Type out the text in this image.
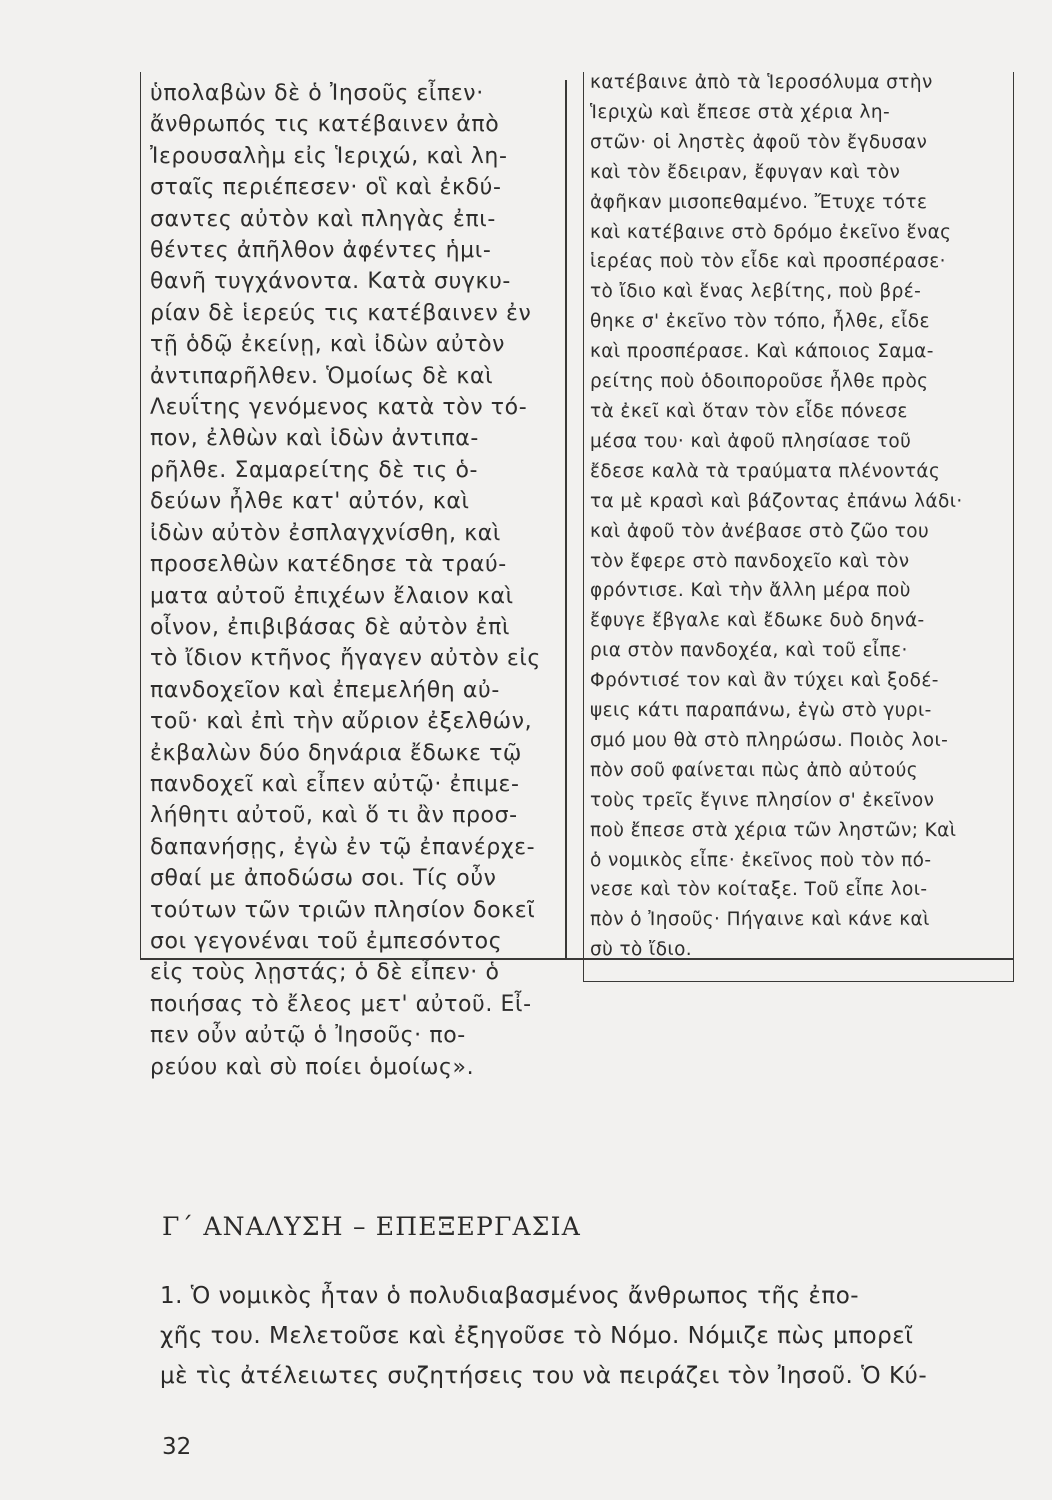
ὑπολαβὼν δὲ ὁ Ἰησοῦς εἶπεν·
ἄνθρωπός τις κατέβαινεν ἀπὸ
Ἰερουσαλὴμ εἰς Ἱεριχώ, καὶ λη-
σταῖς περιέπεσεν· οἳ καὶ ἐκδύ-
σαντες αὐτὸν καὶ πληγὰς ἐπι-
θέντες ἀπῆλθον ἀφέντες ἡμι-
θανῆ τυγχάνοντα. Κατὰ συγκυ-
ρίαν δὲ ἱερεύς τις κατέβαινεν ἐν
τῇ ὁδῷ ἐκείνῃ, καὶ ἰδὼν αὐτὸν
ἀντιπαρῆλθεν. Ὁμοίως δὲ καὶ
Λευΐτης γενόμενος κατὰ τὸν τό-
πον, ἐλθὼν καὶ ἰδὼν ἀντιπα-
ρῆλθε. Σαμαρείτης δὲ τις ὁ-
δεύων ἦλθε κατ' αὐτόν, καὶ
ἰδὼν αὐτὸν ἐσπλαγχνίσθη, καὶ
προσελθὼν κατέδησε τὰ τραύ-
ματα αὐτοῦ ἐπιχέων ἔλαιον καὶ
οἶνον, ἐπιβιβάσας δὲ αὐτὸν ἐπὶ
τὸ ἴδιον κτῆνος ἤγαγεν αὐτὸν εἰς
πανδοχεῖον καὶ ἐπεμελήθη αὐ-
τοῦ· καὶ ἐπὶ τὴν αὔριον ἐξελθών,
ἐκβαλὼν δύο δηνάρια ἔδωκε τῷ
πανδοχεῖ καὶ εἶπεν αὐτῷ· ἐπιμε-
λήθητι αὐτοῦ, καὶ ὅ τι ἂν προσ-
δαπανήσῃς, ἐγὼ ἐν τῷ ἐπανέρχε-
σθαί με ἀποδώσω σοι. Τίς οὖν
τούτων τῶν τριῶν πλησίον δοκεῖ
σοι γεγονέναι τοῦ ἐμπεσόντος
εἰς τοὺς λῃστάς; ὁ δὲ εἶπεν· ὁ
ποιήσας τὸ ἔλεος μετ' αὐτοῦ. Εἶ-
πεν οὖν αὐτῷ ὁ Ἰησοῦς· πο-
ρεύου καὶ σὺ ποίει ὁμοίως».
κατέβαινε ἀπὸ τὰ Ἱεροσόλυμα στὴν
Ἱεριχὼ καὶ ἔπεσε στὰ χέρια λη-
στῶν· οἱ ληστὲς ἀφοῦ τὸν ἔγδυσαν
καὶ τὸν ἔδειραν, ἔφυγαν καὶ τὸν
ἀφῆκαν μισοπεθαμένο. Ἔτυχε τότε
καὶ κατέβαινε στὸ δρόμο ἐκεῖνο ἕνας
ἱερέας ποὺ τὸν εἶδε καὶ προσπέρασε·
τὸ ἴδιο καὶ ἕνας λεβίτης, ποὺ βρέ-
θηκε σ' ἐκεῖνο τὸν τόπο, ἦλθε, εἶδε
καὶ προσπέρασε. Καὶ κάποιος Σαμα-
ρείτης ποὺ ὁδοιποροῦσε ἦλθε πρὸς
τὰ ἐκεῖ καὶ ὅταν τὸν εἶδε πόνεσε
μέσα του· καὶ ἀφοῦ πλησίασε τοῦ
ἔδεσε καλὰ τὰ τραύματα πλένοντάς
τα μὲ κρασὶ καὶ βάζοντας ἐπάνω λάδι·
καὶ ἀφοῦ τὸν ἀνέβασε στὸ ζῶο του
τὸν ἔφερε στὸ πανδοχεῖο καὶ τὸν
φρόντισε. Καὶ τὴν ἄλλη μέρα ποὺ
ἔφυγε ἔβγαλε καὶ ἔδωκε δυὸ δηνά-
ρια στὸν πανδοχέα, καὶ τοῦ εἶπε·
Φρόντισέ τον καὶ ἂν τύχει καὶ ξοδέ-
ψεις κάτι παραπάνω, ἐγὼ στὸ γυρι-
σμό μου θὰ στὸ πληρώσω. Ποιὸς λοι-
πὸν σοῦ φαίνεται πὼς ἀπὸ αὐτούς
τοὺς τρεῖς ἔγινε πλησίον σ' ἐκεῖνον
ποὺ ἔπεσε στὰ χέρια τῶν ληστῶν; Καὶ
ὁ νομικὸς εἶπε· ἐκεῖνος ποὺ τὸν πό-
νεσε καὶ τὸν κοίταξε. Τοῦ εἶπε λοι-
πὸν ὁ Ἰησοῦς· Πήγαινε καὶ κάνε καὶ
σὺ τὸ ἴδιο.
Γ΄ ΑΝΑΛΥΣΗ – ΕΠΕΞΕΡΓΑΣΙΑ
1. Ὁ νομικὸς ἦταν ὁ πολυδιαβασμένος ἄνθρωπος τῆς ἐπο-
χῆς του. Μελετοῦσε καὶ ἐξηγοῦσε τὸ Νόμο. Νόμιζε πὼς μπορεῖ
μὲ τὶς ἀτέλειωτες συζητήσεις του νὰ πειράζει τὸν Ἰησοῦ. Ὁ Κύ-
32
